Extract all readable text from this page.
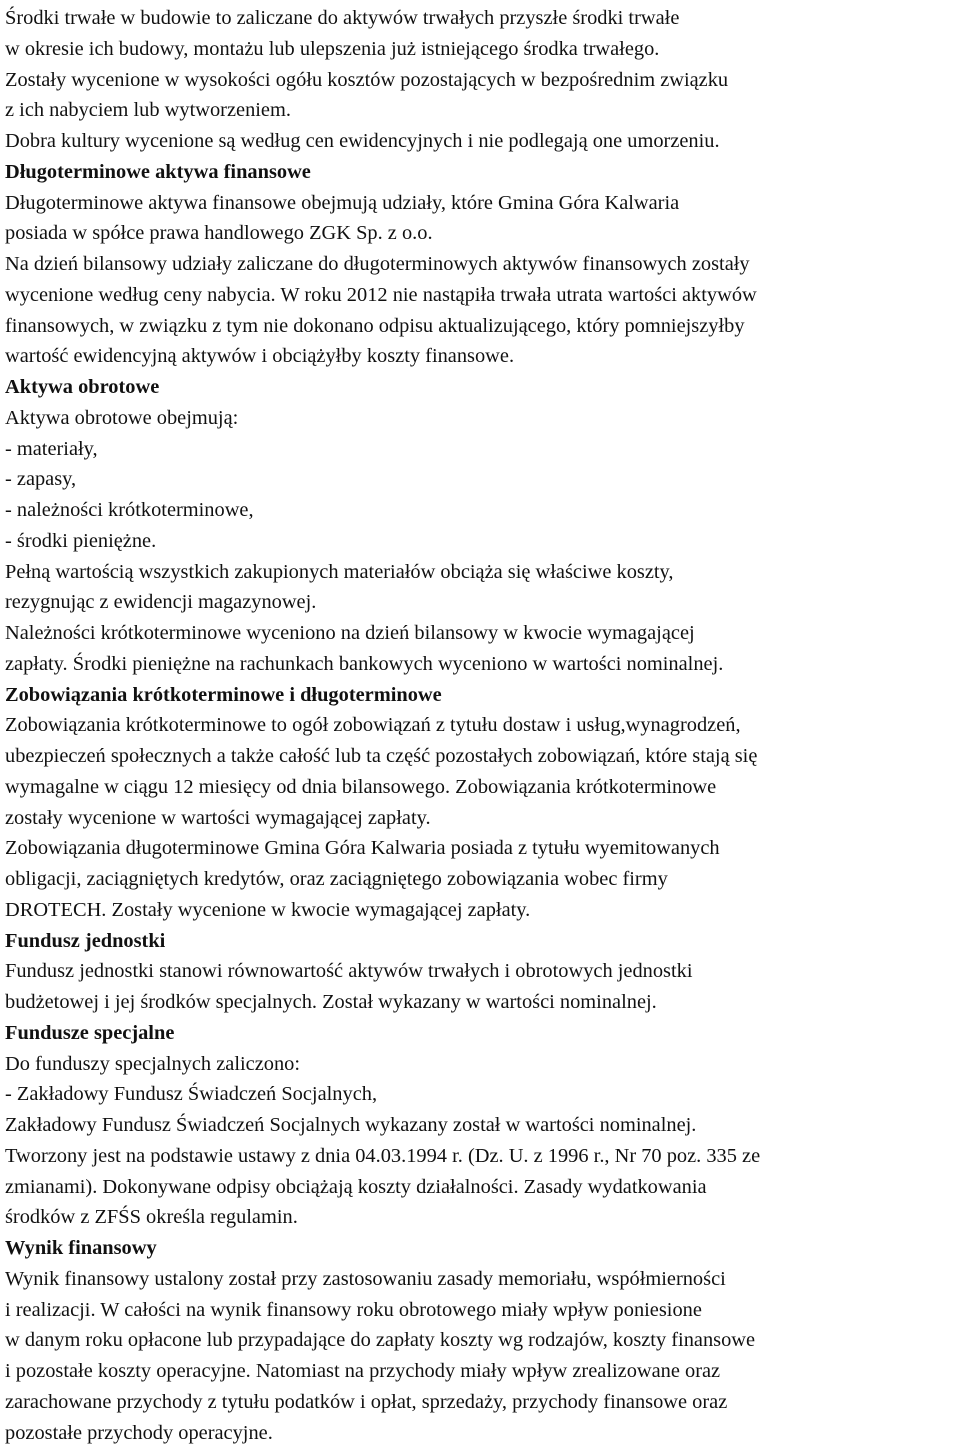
Środki trwałe w budowie to zaliczane do aktywów trwałych przyszłe środki trwałe
w okresie ich budowy, montażu lub ulepszenia już istniejącego środka trwałego.
Zostały wycenione w wysokości ogółu kosztów pozostających w bezpośrednim związku
z ich nabyciem lub wytworzeniem.
Dobra kultury wycenione są według cen ewidencyjnych i nie podlegają one umorzeniu.
Długoterminowe aktywa finansowe
Długoterminowe aktywa finansowe obejmują udziały, które Gmina Góra Kalwaria
posiada w spółce prawa handlowego ZGK Sp. z o.o.
Na dzień bilansowy udziały zaliczane do długoterminowych aktywów finansowych zostały
wycenione według ceny nabycia. W roku 2012 nie nastąpiła trwała utrata wartości aktywów
finansowych, w związku z tym nie dokonano odpisu aktualizującego, który pomniejszyłby
wartość ewidencyjną aktywów i obciążyłby koszty finansowe.
Aktywa obrotowe
Aktywa obrotowe obejmują:
- materiały,
- zapasy,
- należności krótkoterminowe,
- środki pieniężne.
Pełną wartością wszystkich zakupionych materiałów obciąża się właściwe koszty,
rezygnując z ewidencji magazynowej.
Należności krótkoterminowe wyceniono na dzień bilansowy w kwocie wymagającej
zapłaty. Środki pieniężne na rachunkach bankowych wyceniono w wartości nominalnej.
Zobowiązania krótkoterminowe i długoterminowe
Zobowiązania krótkoterminowe to ogół zobowiązań z tytułu dostaw i usług,wynagrodzeń,
ubezpieczeń społecznych a także całość lub ta część pozostałych zobowiązań, które stają się
wymagalne w ciągu 12 miesięcy od dnia bilansowego. Zobowiązania krótkoterminowe
zostały wycenione w wartości wymagającej zapłaty.
Zobowiązania długoterminowe Gmina Góra Kalwaria posiada z tytułu wyemitowanych
obligacji, zaciągniętych kredytów, oraz zaciągniętego zobowiązania wobec firmy
DROTECH. Zostały wycenione w kwocie wymagającej zapłaty.
Fundusz jednostki
Fundusz jednostki stanowi równowartość aktywów trwałych i obrotowych jednostki
budżetowej i jej środków specjalnych. Został wykazany w wartości nominalnej.
Fundusze specjalne
Do funduszy specjalnych zaliczono:
- Zakładowy Fundusz Świadczeń Socjalnych,
Zakładowy Fundusz Świadczeń Socjalnych wykazany został w wartości nominalnej.
Tworzony jest na podstawie ustawy z dnia 04.03.1994 r. (Dz. U. z 1996 r., Nr 70 poz. 335 ze
zmianami). Dokonywane odpisy obciążają koszty działalności. Zasady wydatkowania
środków z ZFŚS określa regulamin.
Wynik finansowy
Wynik finansowy ustalony został przy zastosowaniu zasady memoriału, współmierności
i realizacji. W całości na wynik finansowy roku obrotowego miały wpływ poniesione
w danym roku opłacone lub przypadające do zapłaty koszty wg rodzajów, koszty finansowe
i pozostałe koszty operacyjne. Natomiast na przychody miały wpływ zrealizowane oraz
zarachowane przychody z tytułu podatków i opłat, sprzedaży, przychody finansowe oraz
pozostałe przychody operacyjne.
